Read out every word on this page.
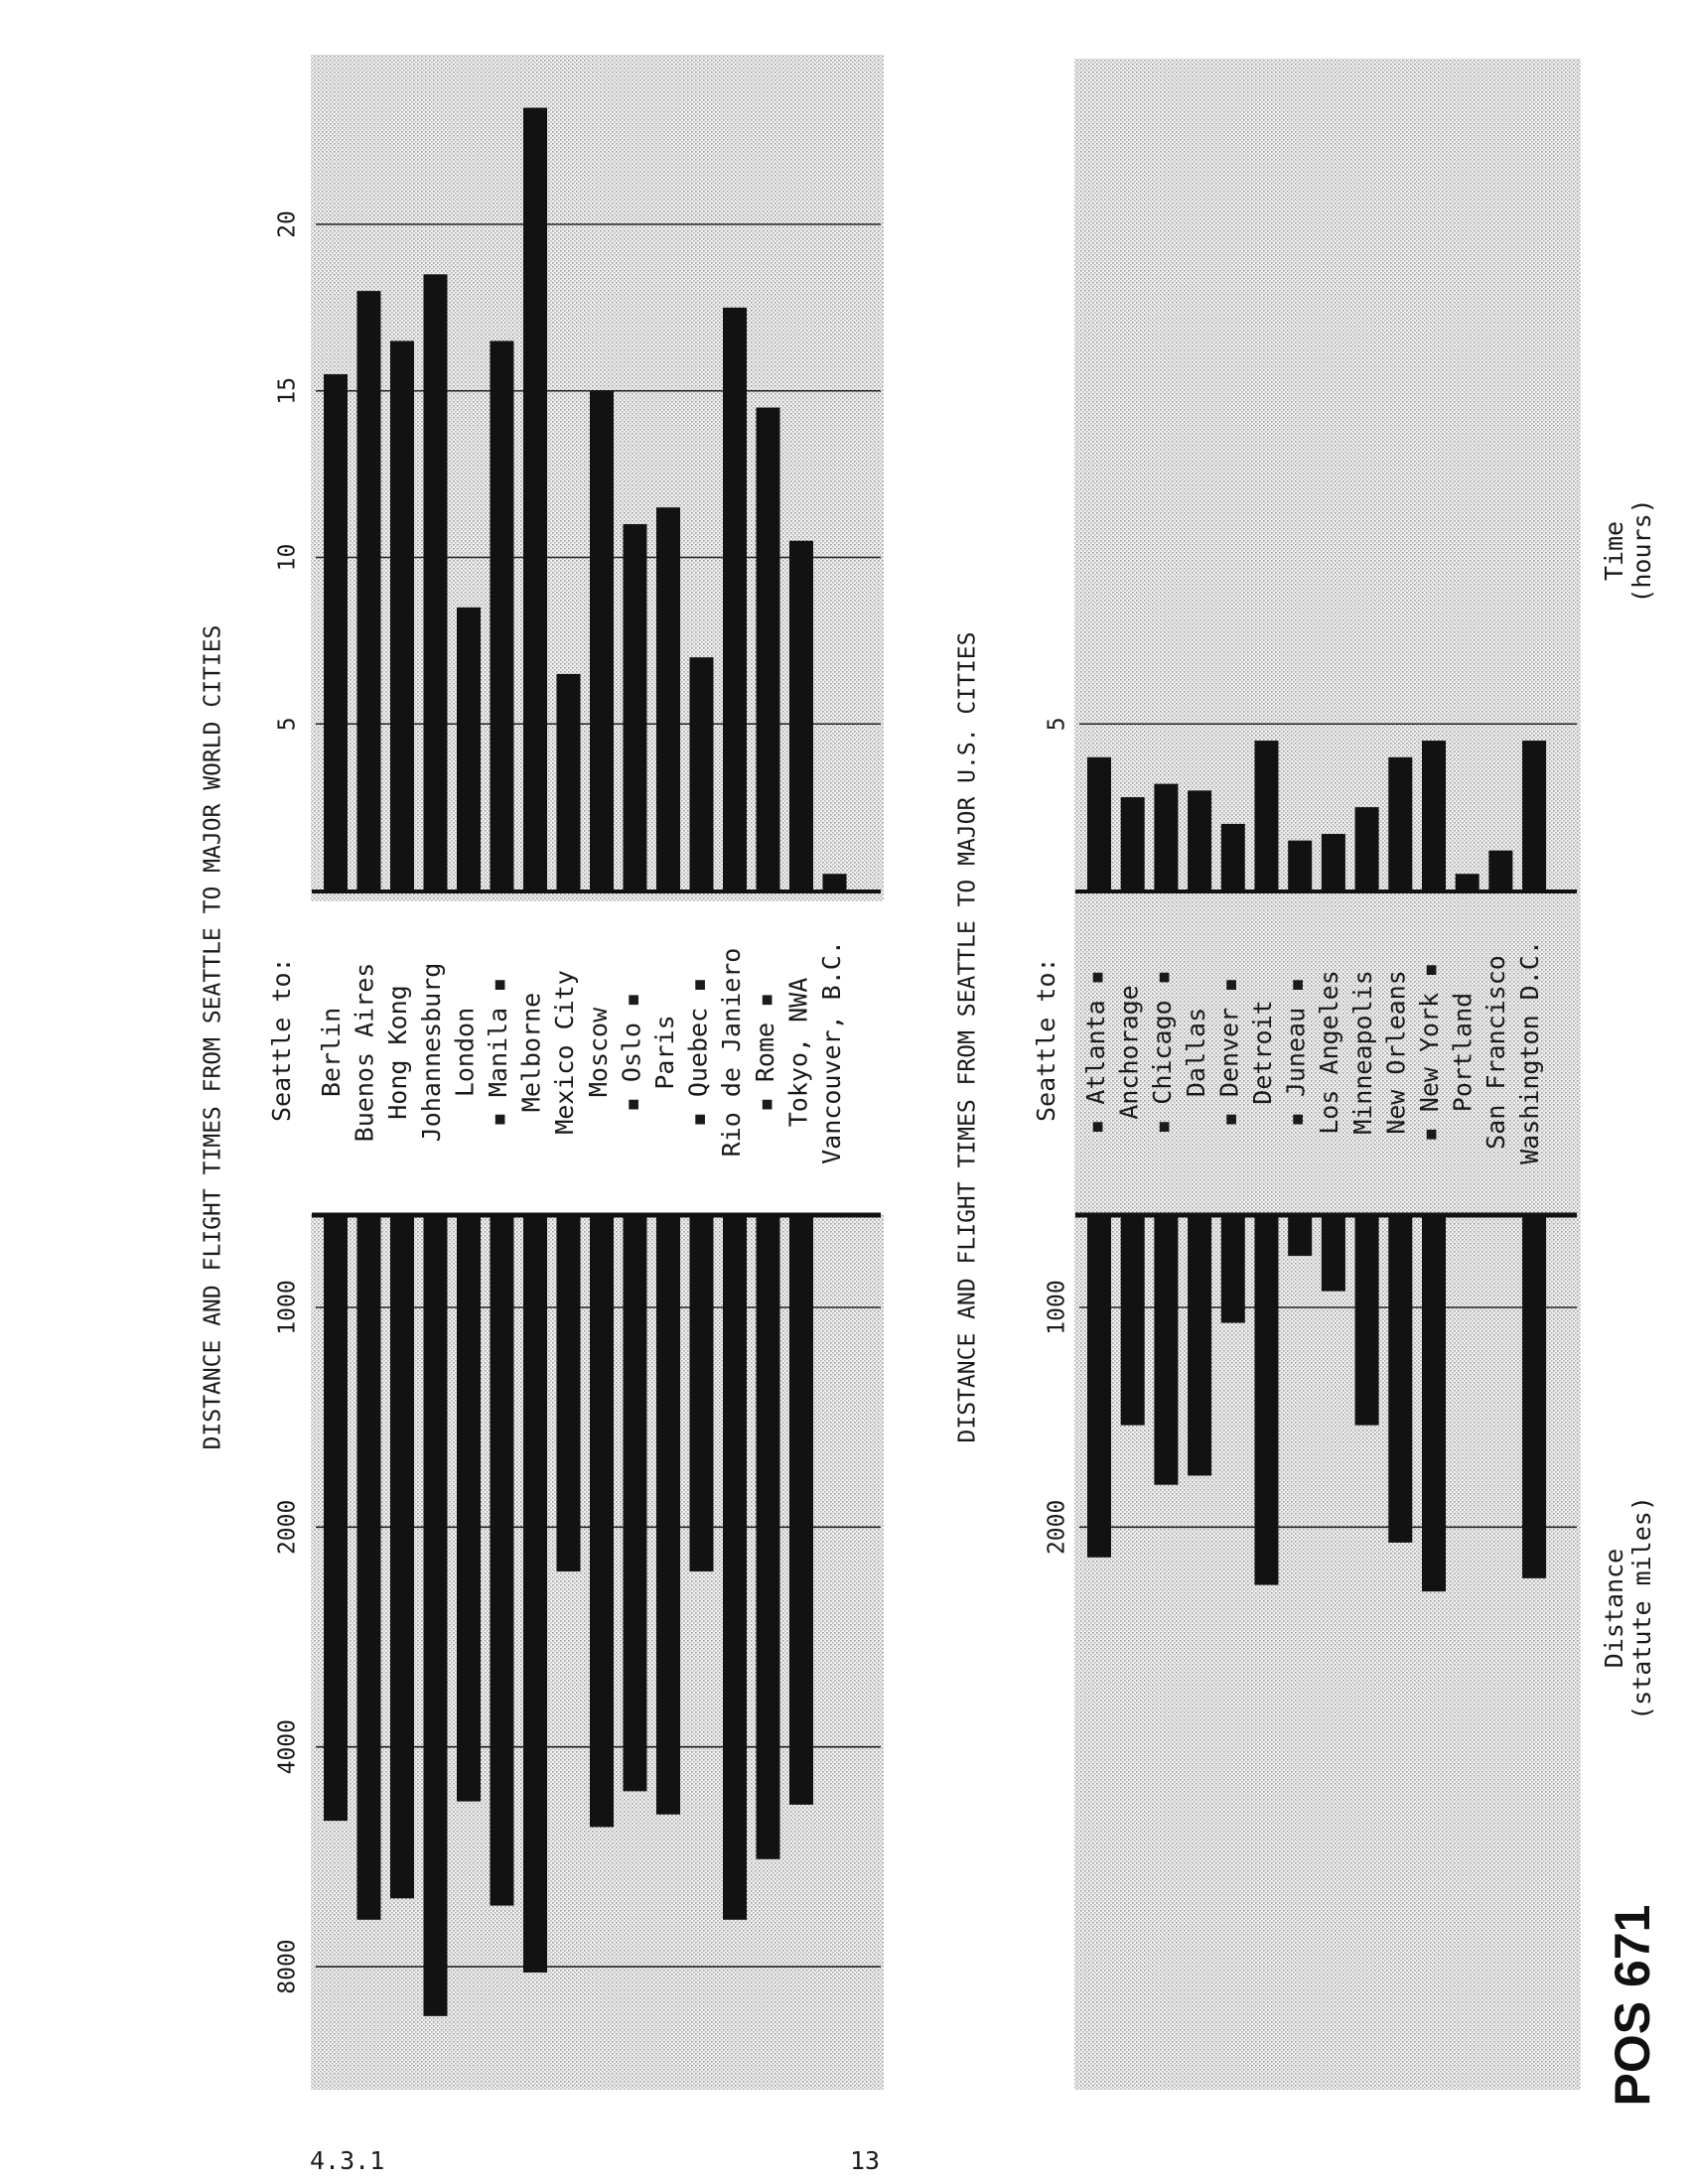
5
10
15
20
1000
2000
4000
8000
5
1000
2000
DISTANCE AND FLIGHT TIMES FROM SEATTLE TO MAJOR WORLD CITIES	DISTANCE AND FLIGHT TIMES FROM SEATTLE TO MAJOR U.S. CITIES
Seattle to:	Seattle to:
Berlin Buenos Aires Hong Kong Johannesburg London ▪ Manila ▪ Melborne Mexico City Moscow ▪ Oslo ▪ Paris ▪ Quebec ▪ Rio de Janiero ▪ Rome ▪ Tokyo, NWA Vancouver, B.C.	▪ Atlanta ▪ Anchorage ▪ Chicago ▪ Dallas ▪ Denver ▪ Detroit ▪ Juneau ▪ Los Angeles Minneapolis New Orleans ▪ New York ▪ Portland San Francisco Washington D.C.
Time (hours)
Distance (statute miles)
4.3.1	13
POS 671
